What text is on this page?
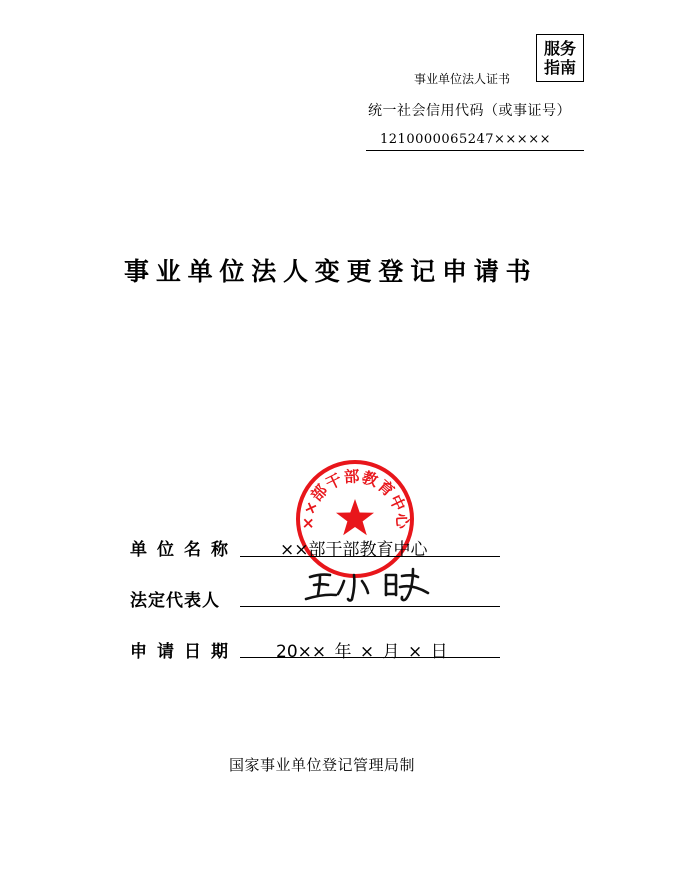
服务
指南
事业单位法人证书
统一社会信用代码（或事证号）
1210000065247×××××
事业单位法人变更登记申请书
××部干部教育中心
单位名称 ××部干部教育中心
法定代表人
申请日期 20×× 年 × 月 × 日
国家事业单位登记管理局制
